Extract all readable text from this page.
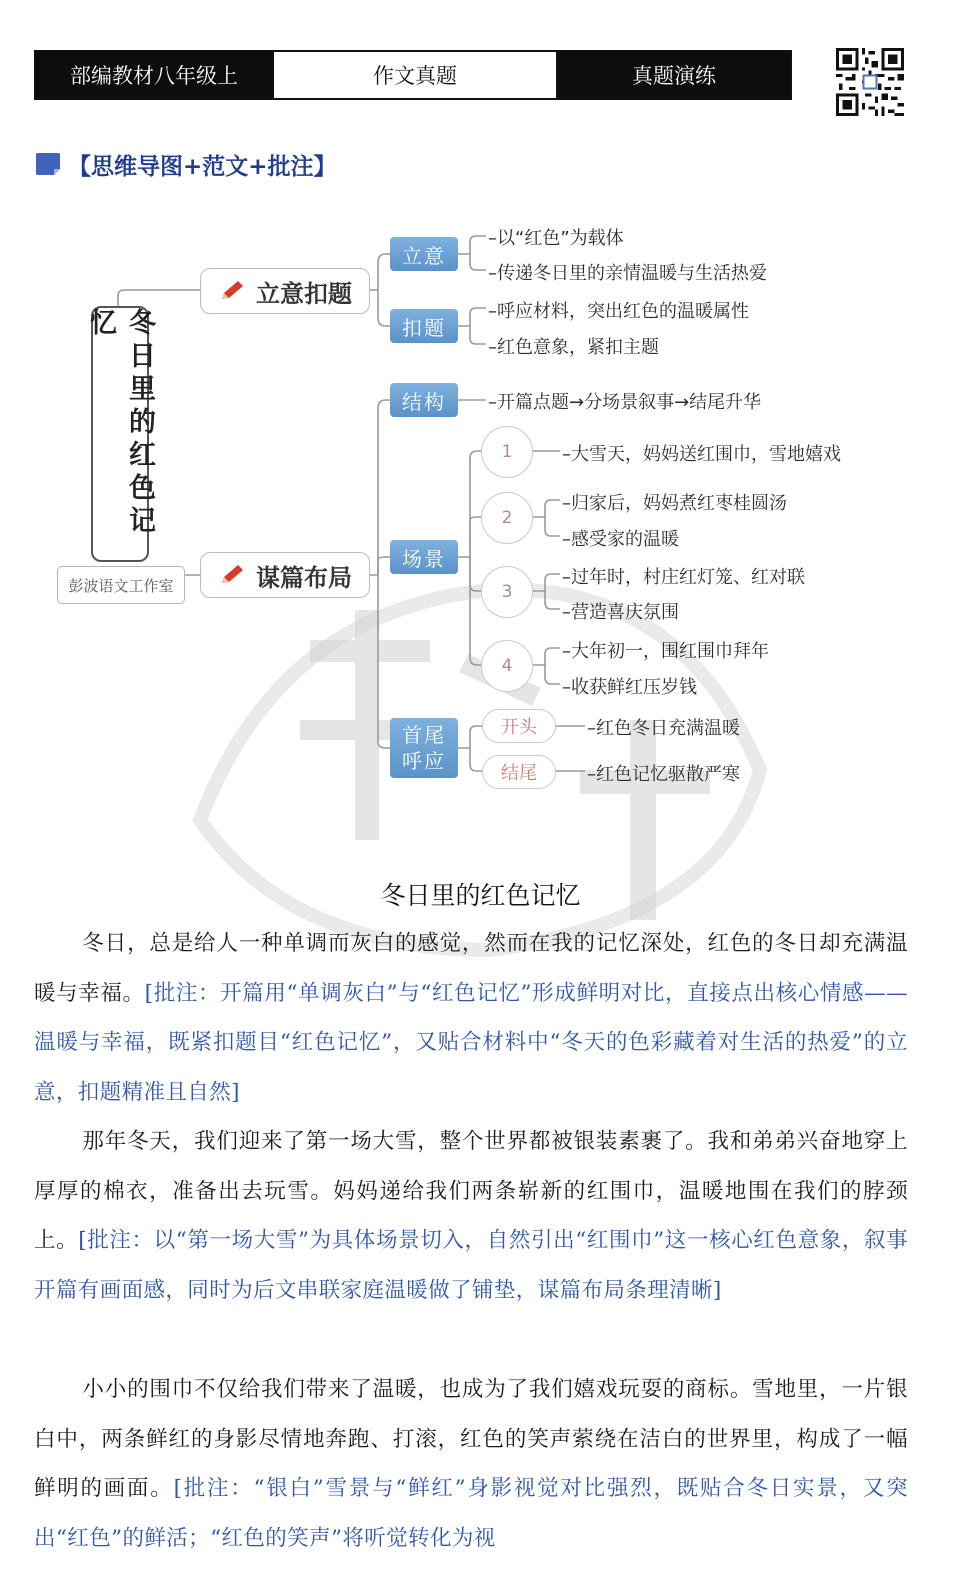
部编教材八年级上	作文真题	真题演练
【思维导图+范文+批注】
冬日里的红色记忆
彭波语文工作室
立意扣题
谋篇布局
立意
扣题
结构
场景
首尾
呼应
–以“红色”为载体
–传递冬日里的亲情温暖与生活热爱
–呼应材料，突出红色的温暖属性
–红色意象，紧扣主题
–开篇点题→分场景叙事→结尾升华
1
2
3
4
–大雪天，妈妈送红围巾，雪地嬉戏
–归家后，妈妈煮红枣桂圆汤
–感受家的温暖
–过年时，村庄红灯笼、红对联
–营造喜庆氛围
–大年初一，围红围巾拜年
–收获鲜红压岁钱
开头
结尾
–红色冬日充满温暖
–红色记忆驱散严寒
冬日里的红色记忆
冬日，总是给人一种单调而灰白的感觉，然而在我的记忆深处，红色的冬日却充满温暖与幸福。[批注：开篇用“单调灰白”与“红色记忆”形成鲜明对比，直接点出核心情感——温暖与幸福，既紧扣题目“红色记忆”，又贴合材料中“冬天的色彩藏着对生活的热爱”的立意，扣题精准且自然]
那年冬天，我们迎来了第一场大雪，整个世界都被银装素裹了。我和弟弟兴奋地穿上厚厚的棉衣，准备出去玩雪。妈妈递给我们两条崭新的红围巾，温暖地围在我们的脖颈上。[批注：以“第一场大雪”为具体场景切入，自然引出“红围巾”这一核心红色意象，叙事开篇有画面感，同时为后文串联家庭温暖做了铺垫，谋篇布局条理清晰]
小小的围巾不仅给我们带来了温暖，也成为了我们嬉戏玩耍的商标。雪地里，一片银白中，两条鲜红的身影尽情地奔跑、打滚，红色的笑声萦绕在洁白的世界里，构成了一幅鲜明的画面。[批注：“银白”雪景与“鲜红”身影视觉对比强烈，既贴合冬日实景，又突出“红色”的鲜活；“红色的笑声”将听觉转化为视
